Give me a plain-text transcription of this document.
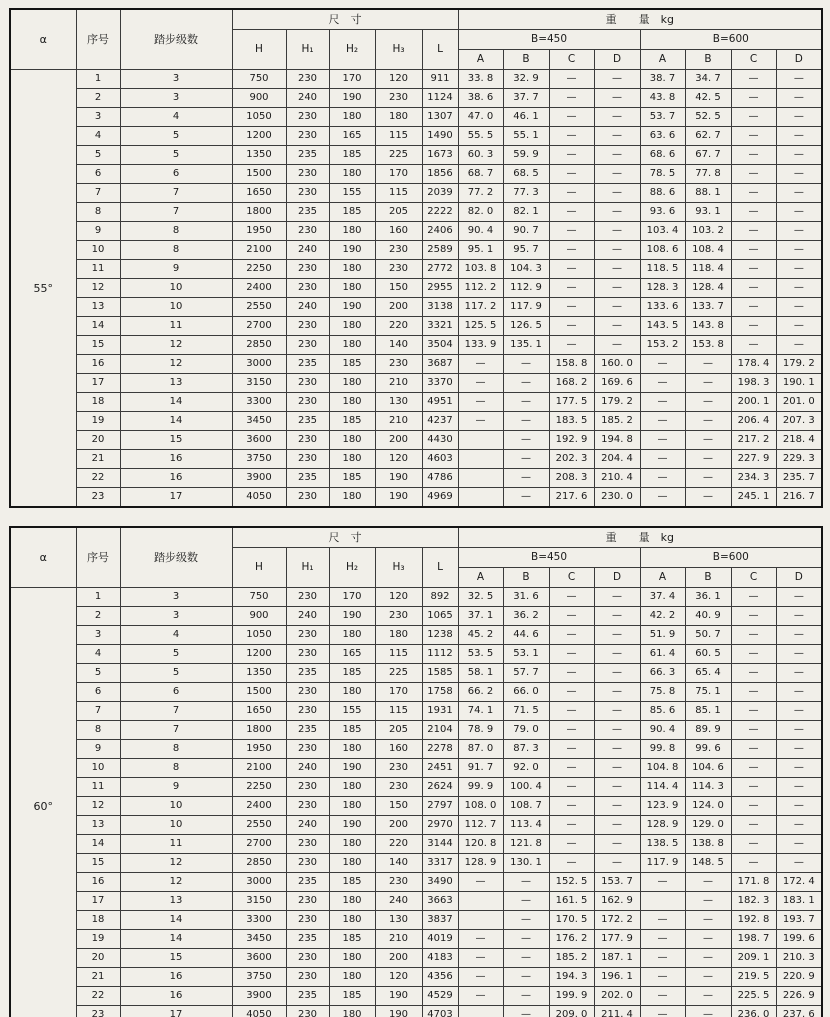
α	序号	踏步级数	尺　寸					重　　量　kg							
			H	H₁	H₂	H₃	L	B=450				B=600			
								A	B	C	D	A	B	C	D
55°	1	3	750	230	170	120	911	33. 8	32. 9	—	—	38. 7	34. 7	—	—
	2	3	900	240	190	230	1124	38. 6	37. 7	—	—	43. 8	42. 5	—	—
	3	4	1050	230	180	180	1307	47. 0	46. 1	—	—	53. 7	52. 5	—	—
	4	5	1200	230	165	115	1490	55. 5	55. 1	—	—	63. 6	62. 7	—	—
	5	5	1350	235	185	225	1673	60. 3	59. 9	—	—	68. 6	67. 7	—	—
	6	6	1500	230	180	170	1856	68. 7	68. 5	—	—	78. 5	77. 8	—	—
	7	7	1650	230	155	115	2039	77. 2	77. 3	—	—	88. 6	88. 1	—	—
	8	7	1800	235	185	205	2222	82. 0	82. 1	—	—	93. 6	93. 1	—	—
	9	8	1950	230	180	160	2406	90. 4	90. 7	—	—	103. 4	103. 2	—	—
	10	8	2100	240	190	230	2589	95. 1	95. 7	—	—	108. 6	108. 4	—	—
	11	9	2250	230	180	230	2772	103. 8	104. 3	—	—	118. 5	118. 4	—	—
	12	10	2400	230	180	150	2955	112. 2	112. 9	—	—	128. 3	128. 4	—	—
	13	10	2550	240	190	200	3138	117. 2	117. 9	—	—	133. 6	133. 7	—	—
	14	11	2700	230	180	220	3321	125. 5	126. 5	—	—	143. 5	143. 8	—	—
	15	12	2850	230	180	140	3504	133. 9	135. 1	—	—	153. 2	153. 8	—	—
	16	12	3000	235	185	230	3687	—	—	158. 8	160. 0	—	—	178. 4	179. 2
	17	13	3150	230	180	210	3370	—	—	168. 2	169. 6	—	—	198. 3	190. 1
	18	14	3300	230	180	130	4951	—	—	177. 5	179. 2	—	—	200. 1	201. 0
	19	14	3450	235	185	210	4237	—	—	183. 5	185. 2	—	—	206. 4	207. 3
	20	15	3600	230	180	200	4430		—	192. 9	194. 8	—	—	217. 2	218. 4
	21	16	3750	230	180	120	4603		—	202. 3	204. 4	—	—	227. 9	229. 3
	22	16	3900	235	185	190	4786		—	208. 3	210. 4	—	—	234. 3	235. 7
	23	17	4050	230	180	190	4969		—	217. 6	230. 0	—	—	245. 1	216. 7
α	序号	踏步级数	尺　寸					重　　量　kg							
			H	H₁	H₂	H₃	L	B=450				B=600			
								A	B	C	D	A	B	C	D
60°	1	3	750	230	170	120	892	32. 5	31. 6	—	—	37. 4	36. 1	—	—
	2	3	900	240	190	230	1065	37. 1	36. 2	—	—	42. 2	40. 9	—	—
	3	4	1050	230	180	180	1238	45. 2	44. 6	—	—	51. 9	50. 7	—	—
	4	5	1200	230	165	115	1112	53. 5	53. 1	—	—	61. 4	60. 5	—	—
	5	5	1350	235	185	225	1585	58. 1	57. 7	—	—	66. 3	65. 4	—	—
	6	6	1500	230	180	170	1758	66. 2	66. 0	—	—	75. 8	75. 1	—	—
	7	7	1650	230	155	115	1931	74. 1	71. 5	—	—	85. 6	85. 1	—	—
	8	7	1800	235	185	205	2104	78. 9	79. 0	—	—	90. 4	89. 9	—	—
	9	8	1950	230	180	160	2278	87. 0	87. 3	—	—	99. 8	99. 6	—	—
	10	8	2100	240	190	230	2451	91. 7	92. 0	—	—	104. 8	104. 6	—	—
	11	9	2250	230	180	230	2624	99. 9	100. 4	—	—	114. 4	114. 3	—	—
	12	10	2400	230	180	150	2797	108. 0	108. 7	—	—	123. 9	124. 0	—	—
	13	10	2550	240	190	200	2970	112. 7	113. 4	—	—	128. 9	129. 0	—	—
	14	11	2700	230	180	220	3144	120. 8	121. 8	—	—	138. 5	138. 8	—	—
	15	12	2850	230	180	140	3317	128. 9	130. 1	—	—	117. 9	148. 5	—	—
	16	12	3000	235	185	230	3490	—	—	152. 5	153. 7	—	—	171. 8	172. 4
	17	13	3150	230	180	240	3663		—	161. 5	162. 9		—	182. 3	183. 1
	18	14	3300	230	180	130	3837		—	170. 5	172. 2	—	—	192. 8	193. 7
	19	14	3450	235	185	210	4019	—	—	176. 2	177. 9	—	—	198. 7	199. 6
	20	15	3600	230	180	200	4183	—	—	185. 2	187. 1	—	—	209. 1	210. 3
	21	16	3750	230	180	120	4356	—	—	194. 3	196. 1	—	—	219. 5	220. 9
	22	16	3900	235	185	190	4529	—	—	199. 9	202. 0	—	—	225. 5	226. 9
	23	17	4050	230	180	190	4703		—	209. 0	211. 4	—	—	236. 0	237. 6
